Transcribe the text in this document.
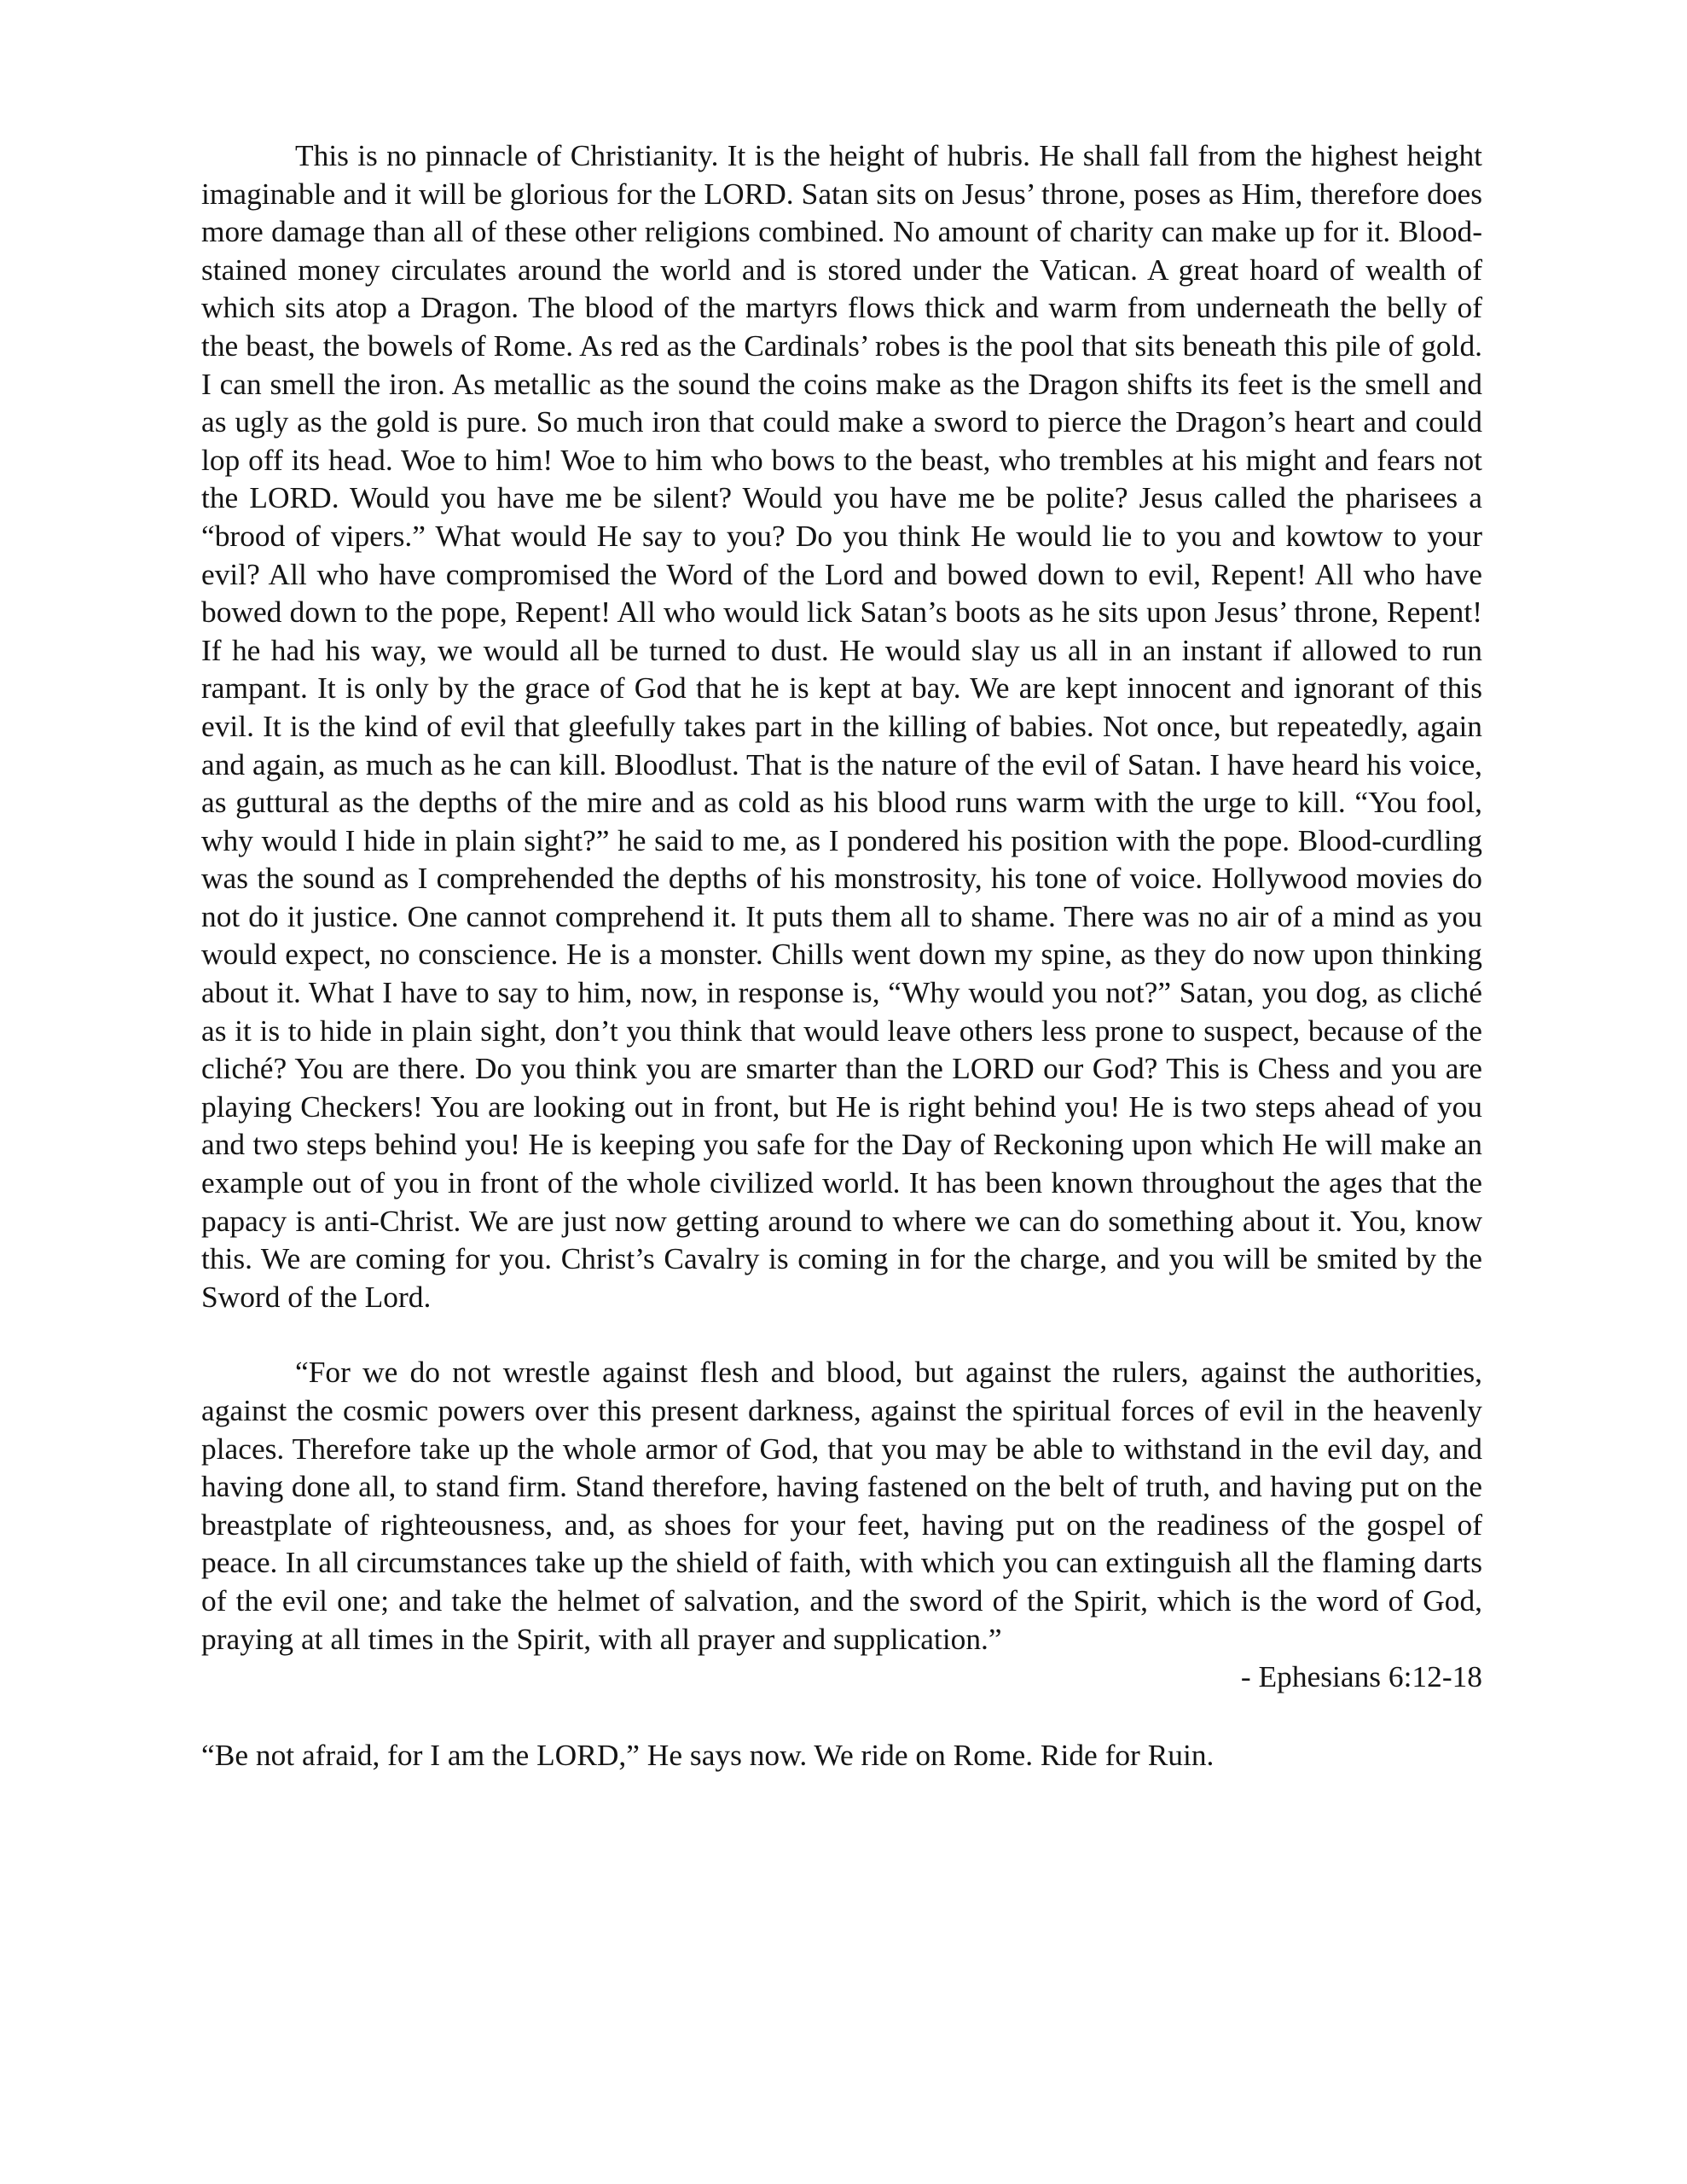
This is no pinnacle of Christianity. It is the height of hubris. He shall fall from the highest height imaginable and it will be glorious for the LORD. Satan sits on Jesus’ throne, poses as Him, therefore does more damage than all of these other religions combined. No amount of charity can make up for it. Blood-stained money circulates around the world and is stored under the Vatican. A great hoard of wealth of which sits atop a Dragon. The blood of the martyrs flows thick and warm from underneath the belly of the beast, the bowels of Rome. As red as the Cardinals’ robes is the pool that sits beneath this pile of gold. I can smell the iron. As metallic as the sound the coins make as the Dragon shifts its feet is the smell and as ugly as the gold is pure. So much iron that could make a sword to pierce the Dragon’s heart and could lop off its head. Woe to him! Woe to him who bows to the beast, who trembles at his might and fears not the LORD. Would you have me be silent? Would you have me be polite? Jesus called the pharisees a “brood of vipers.” What would He say to you? Do you think He would lie to you and kowtow to your evil? All who have compromised the Word of the Lord and bowed down to evil, Repent! All who have bowed down to the pope, Repent! All who would lick Satan’s boots as he sits upon Jesus’ throne, Repent! If he had his way, we would all be turned to dust. He would slay us all in an instant if allowed to run rampant. It is only by the grace of God that he is kept at bay. We are kept innocent and ignorant of this evil. It is the kind of evil that gleefully takes part in the killing of babies. Not once, but repeatedly, again and again, as much as he can kill. Bloodlust. That is the nature of the evil of Satan. I have heard his voice, as guttural as the depths of the mire and as cold as his blood runs warm with the urge to kill. “You fool, why would I hide in plain sight?” he said to me, as I pondered his position with the pope. Blood-curdling was the sound as I comprehended the depths of his monstrosity, his tone of voice. Hollywood movies do not do it justice. One cannot comprehend it. It puts them all to shame. There was no air of a mind as you would expect, no conscience. He is a monster. Chills went down my spine, as they do now upon thinking about it. What I have to say to him, now, in response is, “Why would you not?” Satan, you dog, as cliché as it is to hide in plain sight, don’t you think that would leave others less prone to suspect, because of the cliché? You are there. Do you think you are smarter than the LORD our God? This is Chess and you are playing Checkers! You are looking out in front, but He is right behind you! He is two steps ahead of you and two steps behind you! He is keeping you safe for the Day of Reckoning upon which He will make an example out of you in front of the whole civilized world. It has been known throughout the ages that the papacy is anti-Christ. We are just now getting around to where we can do something about it. You, know this. We are coming for you. Christ’s Cavalry is coming in for the charge, and you will be smited by the Sword of the Lord.

“For we do not wrestle against flesh and blood, but against the rulers, against the authorities, against the cosmic powers over this present darkness, against the spiritual forces of evil in the heavenly places. Therefore take up the whole armor of God, that you may be able to withstand in the evil day, and having done all, to stand firm. Stand therefore, having fastened on the belt of truth, and having put on the breastplate of righteousness, and, as shoes for your feet, having put on the readiness of the gospel of peace. In all circumstances take up the shield of faith, with which you can extinguish all the flaming darts of the evil one; and take the helmet of salvation, and the sword of the Spirit, which is the word of God, praying at all times in the Spirit, with all prayer and supplication.”

- Ephesians 6:12-18

“Be not afraid, for I am the LORD,” He says now. We ride on Rome. Ride for Ruin.
